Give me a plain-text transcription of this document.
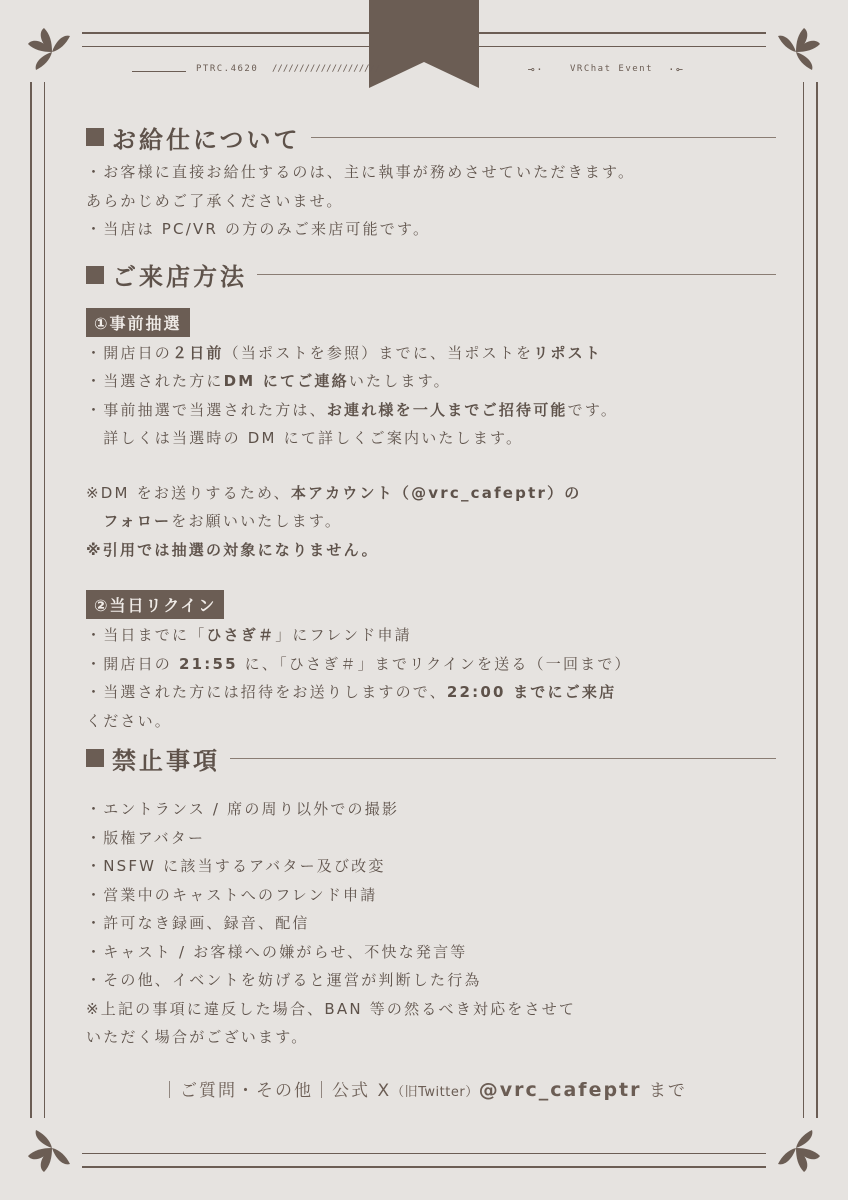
PTRC.4620 ////////////////////	⊸·	VRChat Event ·⟜
お給仕について
・お客様に直接お給仕するのは、主に執事が務めさせていただきます。
あらかじめご了承くださいませ。
・当店は PC/VR の方のみご来店可能です。
ご来店方法
①事前抽選
・開店日の２日前（当ポストを参照）までに、当ポストをリポスト
・当選された方にDM にてご連絡いたします。
・事前抽選で当選された方は、お連れ様を一人までご招待可能です。
　詳しくは当選時の DM にて詳しくご案内いたします。
※DM をお送りするため、本アカウント（@vrc_cafeptr）の
　フォローをお願いいたします。
※引用では抽選の対象になりません。
②当日リクイン
・当日までに「ひさぎ＃」にフレンド申請
・開店日の 21:55 に、「ひさぎ＃」までリクインを送る（一回まで）
・当選された方には招待をお送りしますので、22:00 までにご来店
ください。
禁止事項
・エントランス / 席の周り以外での撮影
・版権アバター
・NSFW に該当するアバター及び改変
・営業中のキャストへのフレンド申請
・許可なき録画、録音、配信
・キャスト / お客様への嫌がらせ、不快な発言等
・その他、イベントを妨げると運営が判断した行為
※上記の事項に違反した場合、BAN 等の然るべき対応をさせて
いただく場合がございます。
｜ご質問・その他｜公式 X（旧Twitter）@vrc_cafeptr まで
